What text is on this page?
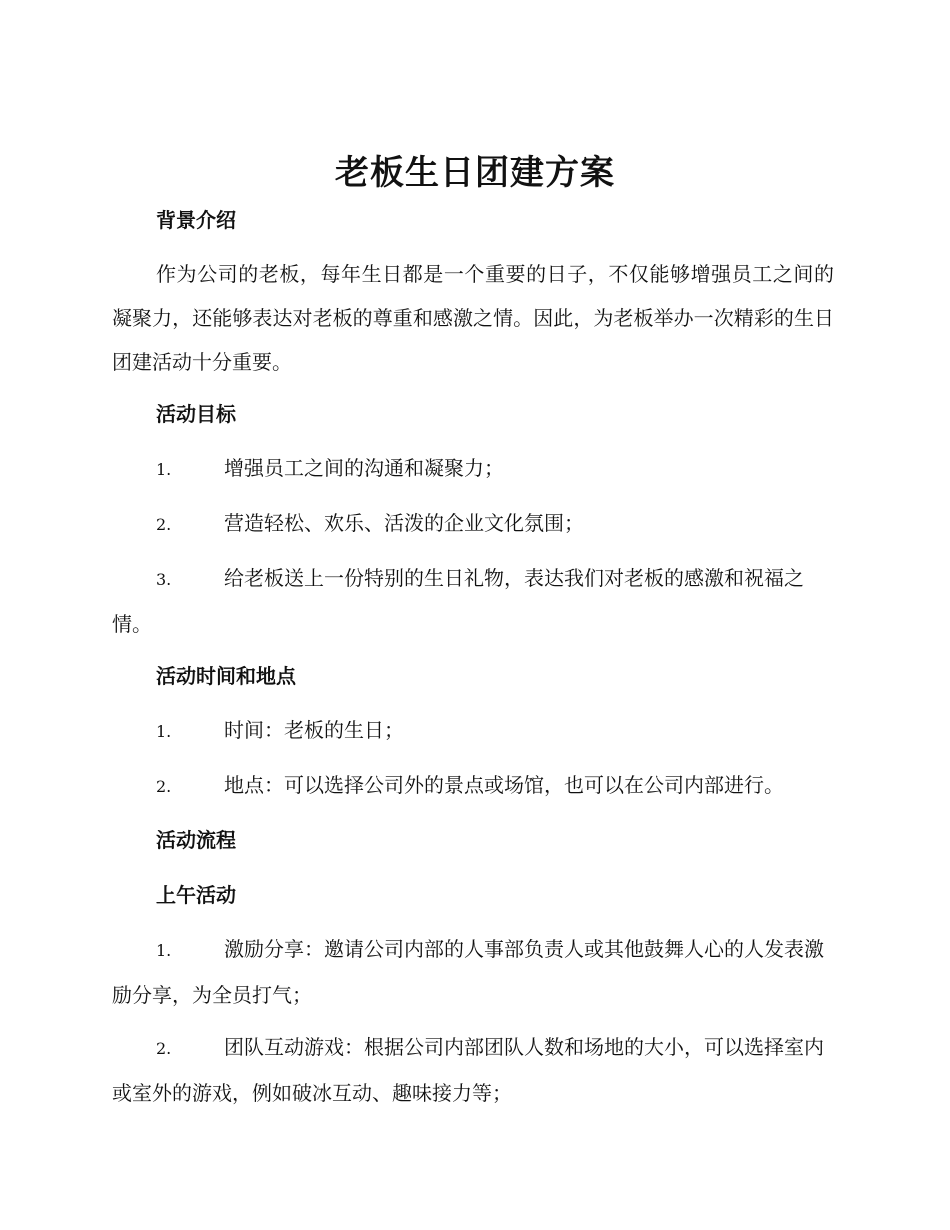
老板生日团建方案
背景介绍
作为公司的老板，每年生日都是一个重要的日子，不仅能够增强员工之间的凝聚力，还能够表达对老板的尊重和感激之情。因此，为老板举办一次精彩的生日团建活动十分重要。
活动目标
1.	增强员工之间的沟通和凝聚力；
2.	营造轻松、欢乐、活泼的企业文化氛围；
3.	给老板送上一份特别的生日礼物，表达我们对老板的感激和祝福之情。
活动时间和地点
1.	时间：老板的生日；
2.	地点：可以选择公司外的景点或场馆，也可以在公司内部进行。
活动流程
上午活动
1.	激励分享：邀请公司内部的人事部负责人或其他鼓舞人心的人发表激励分享，为全员打气；
2.	团队互动游戏：根据公司内部团队人数和场地的大小，可以选择室内或室外的游戏，例如破冰互动、趣味接力等；
